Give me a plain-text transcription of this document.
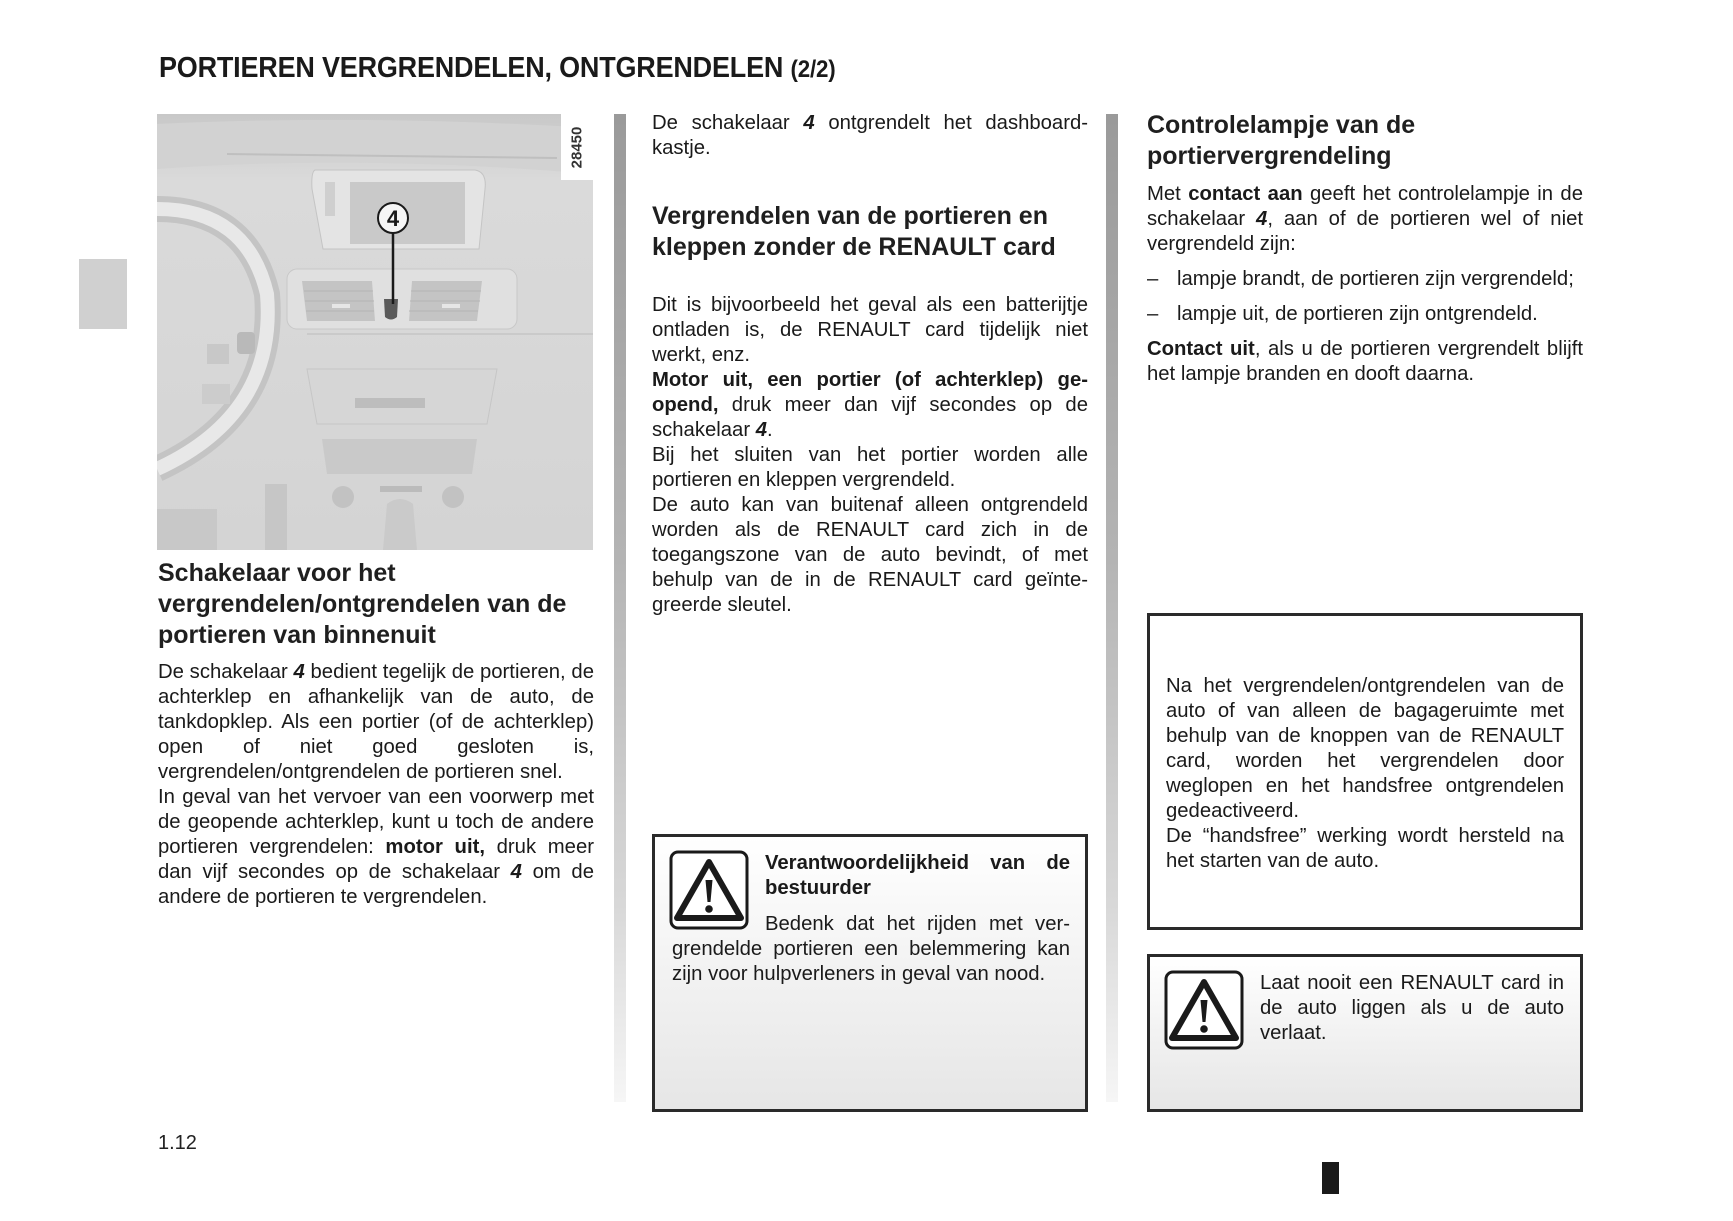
PORTIEREN VERGRENDELEN, ONTGRENDELEN (2/2)
4
28450
Schakelaar voor het vergrendelen/ontgrendelen van de portieren van binnenuit

De schakelaar 4 bedient tegelijk de portieren, de achterklep en afhankelijk van de auto, de tankdopklep. Als een portier (of de achterklep) open of niet goed gesloten is, vergrendelen/ontgrendelen de portieren snel.

In geval van het vervoer van een voorwerp met de geopende achterklep, kunt u toch de andere portieren vergrendelen: motor uit, druk meer dan vijf secondes op de schakelaar 4 om de andere de portieren te vergrendelen.

De schakelaar 4 ontgrendelt het dashboardkastje.

Vergrendelen van de portieren en kleppen zonder de RENAULT card

Dit is bijvoorbeeld het geval als een batterijtje ontladen is, de RENAULT card tijdelijk niet werkt, enz.

Motor uit, een portier (of achterklep) geopend, druk meer dan vijf secondes op de schakelaar 4.

Bij het sluiten van het portier worden alle portieren en kleppen vergrendeld.

De auto kan van buitenaf alleen ontgrendeld worden als de RENAULT card zich in de toegangszone van de auto bevindt, of met behulp van de in de RENAULT card geïntegreerde sleutel.

Verantwoordelijkheid van de bestuurder
Bedenk dat het rijden met vergrendelde portieren een belemmering kan zijn voor hulpverleners in geval van nood.
Controlelampje van de portiervergrendeling

Met contact aan geeft het controlelampje in de schakelaar 4, aan of de portieren wel of niet vergrendeld zijn:

– lampje brandt, de portieren zijn vergrendeld;
– lampje uit, de portieren zijn ontgrendeld.

Contact uit, als u de portieren vergrendelt blijft het lampje branden en dooft daarna.

Na het vergrendelen/ontgrendelen van de auto of van alleen de bagageruimte met behulp van de knoppen van de RENAULT card, worden het vergrendelen door weglopen en het handsfree ontgrendelen gedeactiveerd.
De “handsfree” werking wordt hersteld na het starten van de auto.

Laat nooit een RENAULT card in de auto liggen als u de auto verlaat.

1.12
